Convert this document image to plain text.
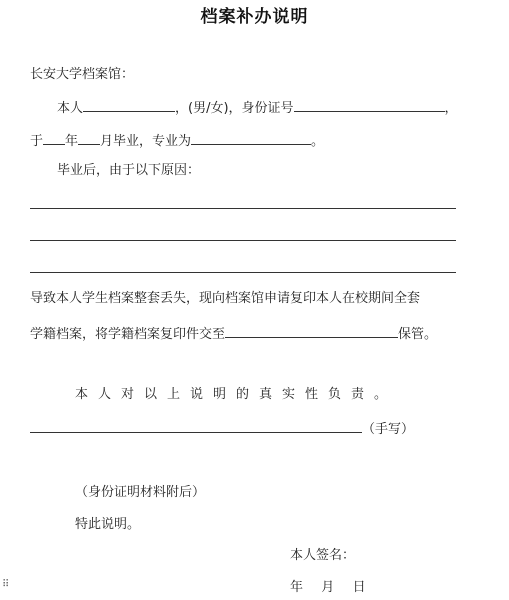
档案补办说明
长安大学档案馆：
本人	，(男/女)，身份证号	，
于 年 月毕业，专业为	。
毕业后，由于以下原因：
导致本人学生档案整套丢失，现向档案馆申请复印本人在校期间全套
学籍档案，将学籍档案复印件交至	保管。
本人对以上说明的真实性负责。
（手写）
（身份证明材料附后）
特此说明。
本人签名：
年 月 日
⠿
